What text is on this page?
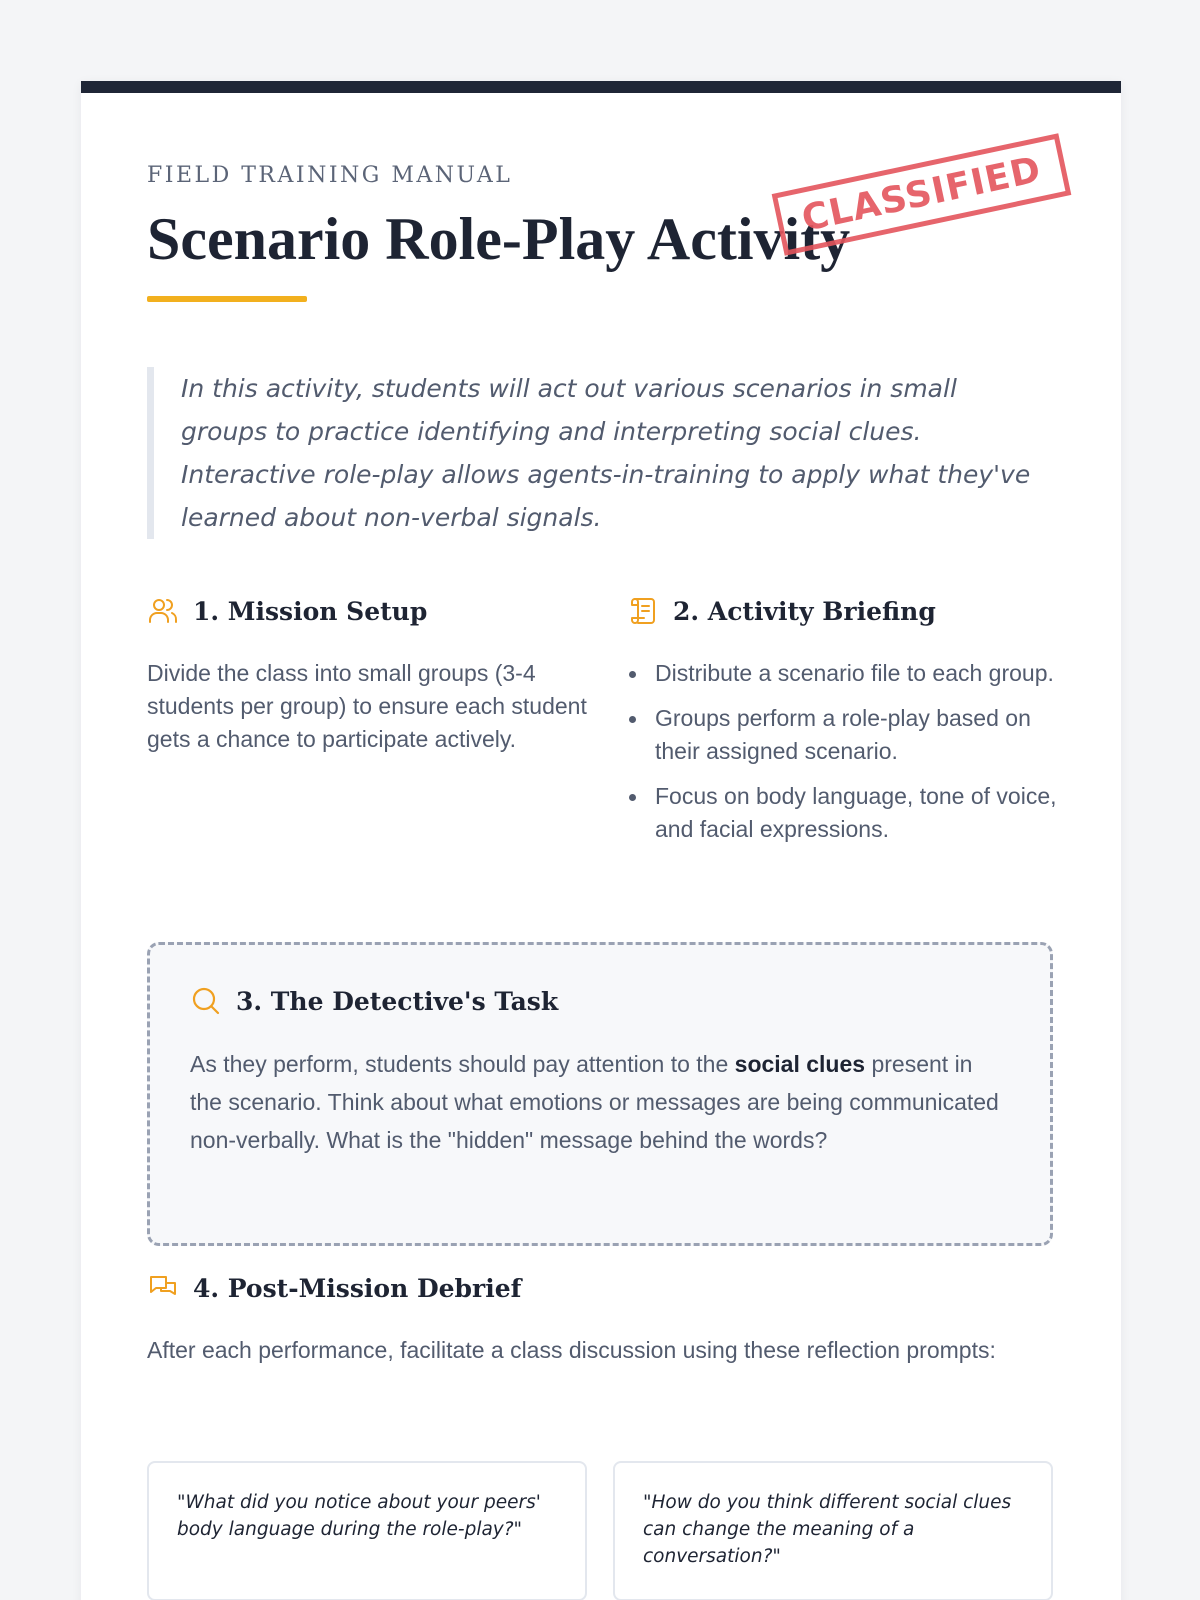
FIELD TRAINING MANUAL
Scenario Role-Play Activity
CLASSIFIED

In this activity, students will act out various scenarios in small groups to practice identifying and interpreting social clues. Interactive role-play allows agents-in-training to apply what they've learned about non-verbal signals.

1. Mission Setup

Divide the class into small groups (3-4 students per group) to ensure each student gets a chance to participate actively.

2. Activity Briefing
Distribute a scenario file to each group.
Groups perform a role-play based on their assigned scenario.
Focus on body language, tone of voice, and facial expressions.
3. The Detective's Task

As they perform, students should pay attention to the social clues present in the scenario. Think about what emotions or messages are being communicated non-verbally. What is the "hidden" message behind the words?

4. Post-Mission Debrief

After each performance, facilitate a class discussion using these reflection prompts:

"What did you notice about your peers' body language during the role-play?"
"How do you think different social clues can change the meaning of a conversation?"
